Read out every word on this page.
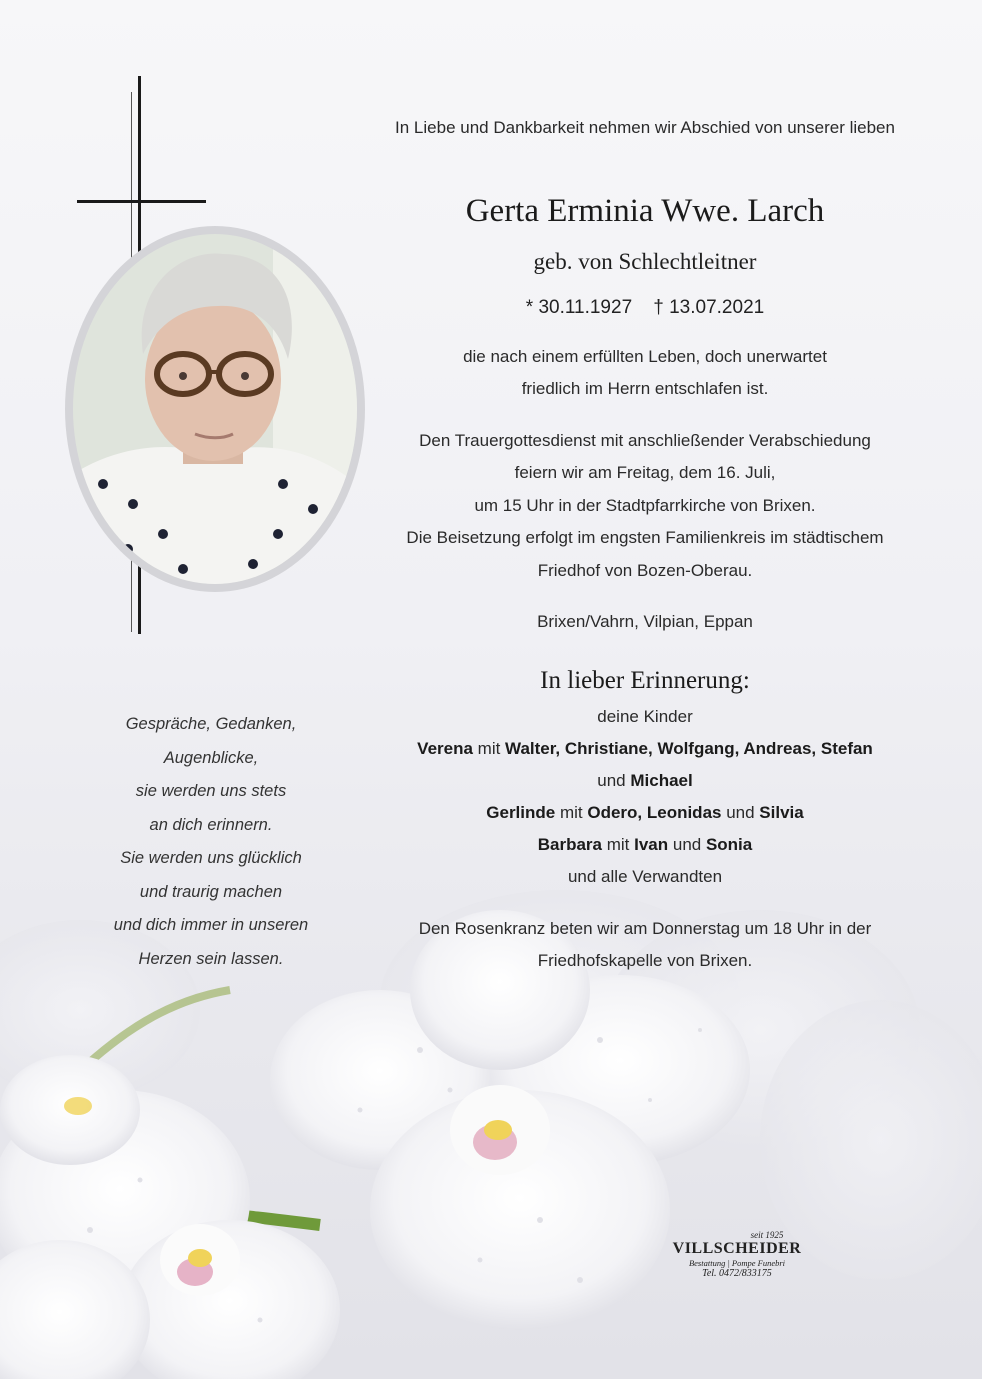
In Liebe und Dankbarkeit nehmen wir Abschied von unserer lieben

Gerta Erminia Wwe. Larch

geb. von Schlechtleitner

* 30.11.1927 † 13.07.2021

die nach einem erfüllten Leben, doch unerwartet

friedlich im Herrn entschlafen ist.

Den Trauergottesdienst mit anschließender Verabschiedung

feiern wir am Freitag, dem 16. Juli,

um 15 Uhr in der Stadtpfarrkirche von Brixen.

Die Beisetzung erfolgt im engsten Familienkreis im städtischem

Friedhof von Bozen-Oberau.

Brixen/Vahrn, Vilpian, Eppan

In lieber Erinnerung:

deine Kinder

Verena mit Walter, Christiane, Wolfgang, Andreas, Stefan

und Michael

Gerlinde mit Odero, Leonidas und Silvia

Barbara mit Ivan und Sonia

und alle Verwandten

Den Rosenkranz beten wir am Donnerstag um 18 Uhr in der

Friedhofskapelle von Brixen.

Gespräche, Gedanken,
Augenblicke,
sie werden uns stets
an dich erinnern.
Sie werden uns glücklich
und traurig machen
und dich immer in unseren
Herzen sein lassen.
seit 1925
VILLSCHEIDER
Bestattung | Pompe Funebri
Tel. 0472/833175
